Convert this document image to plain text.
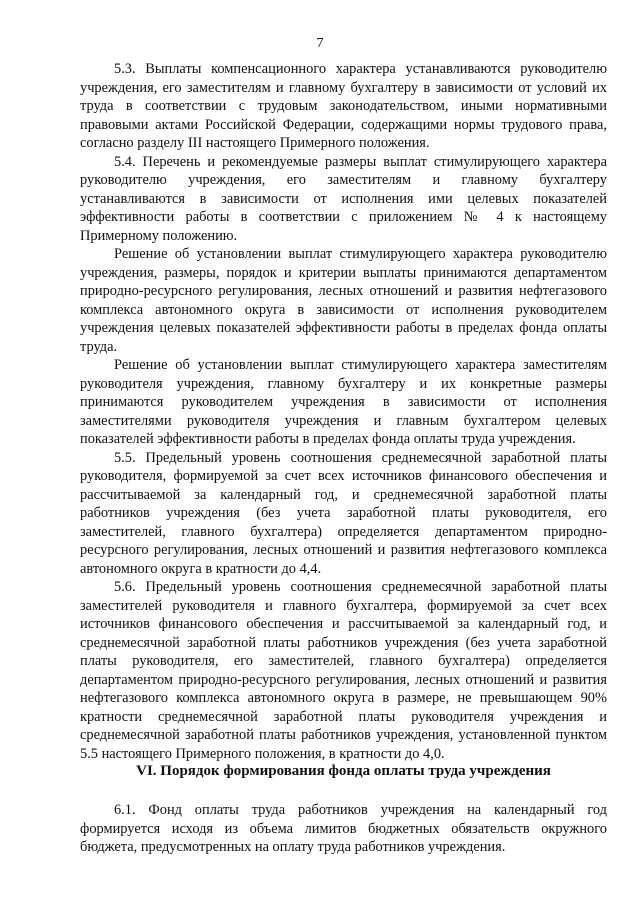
7

5.3. Выплаты компенсационного характера устанавливаются руководителю учреждения, его заместителям и главному бухгалтеру в зависимости от условий их труда в соответствии с трудовым законодательством, иными нормативными правовыми актами Российской Федерации, содержащими нормы трудового права, согласно разделу III настоящего Примерного положения.

5.4. Перечень и рекомендуемые размеры выплат стимулирующего характера руководителю учреждения, его заместителям и главному бухгалтеру устанавливаются в зависимости от исполнения ими целевых показателей эффективности работы в соответствии с приложением № 4 к настоящему Примерному положению.

Решение об установлении выплат стимулирующего характера руководителю учреждения, размеры, порядок и критерии выплаты принимаются департаментом природно-ресурсного регулирования, лесных отношений и развития нефтегазового комплекса автономного округа в зависимости от исполнения руководителем учреждения целевых показателей эффективности работы в пределах фонда оплаты труда.

Решение об установлении выплат стимулирующего характера заместителям руководителя учреждения, главному бухгалтеру и их конкретные размеры принимаются руководителем учреждения в зависимости от исполнения заместителями руководителя учреждения и главным бухгалтером целевых показателей эффективности работы в пределах фонда оплаты труда учреждения.

5.5. Предельный уровень соотношения среднемесячной заработной платы руководителя, формируемой за счет всех источников финансового обеспечения и рассчитываемой за календарный год, и среднемесячной заработной платы работников учреждения (без учета заработной платы руководителя, его заместителей, главного бухгалтера) определяется департаментом природно-ресурсного регулирования, лесных отношений и развития нефтегазового комплекса автономного округа в кратности до 4,4.

5.6. Предельный уровень соотношения среднемесячной заработной платы заместителей руководителя и главного бухгалтера, формируемой за счет всех источников финансового обеспечения и рассчитываемой за календарный год, и среднемесячной заработной платы работников учреждения (без учета заработной платы руководителя, его заместителей, главного бухгалтера) определяется департаментом природно-ресурсного регулирования, лесных отношений и развития нефтегазового комплекса автономного округа в размере, не превышающем 90% кратности среднемесячной заработной платы руководителя учреждения и среднемесячной заработной платы работников учреждения, установленной пунктом 5.5 настоящего Примерного положения, в кратности до 4,0.

VI. Порядок формирования фонда оплаты труда учреждения

6.1. Фонд оплаты труда работников учреждения на календарный год формируется исходя из объема лимитов бюджетных обязательств окружного бюджета, предусмотренных на оплату труда работников учреждения.
